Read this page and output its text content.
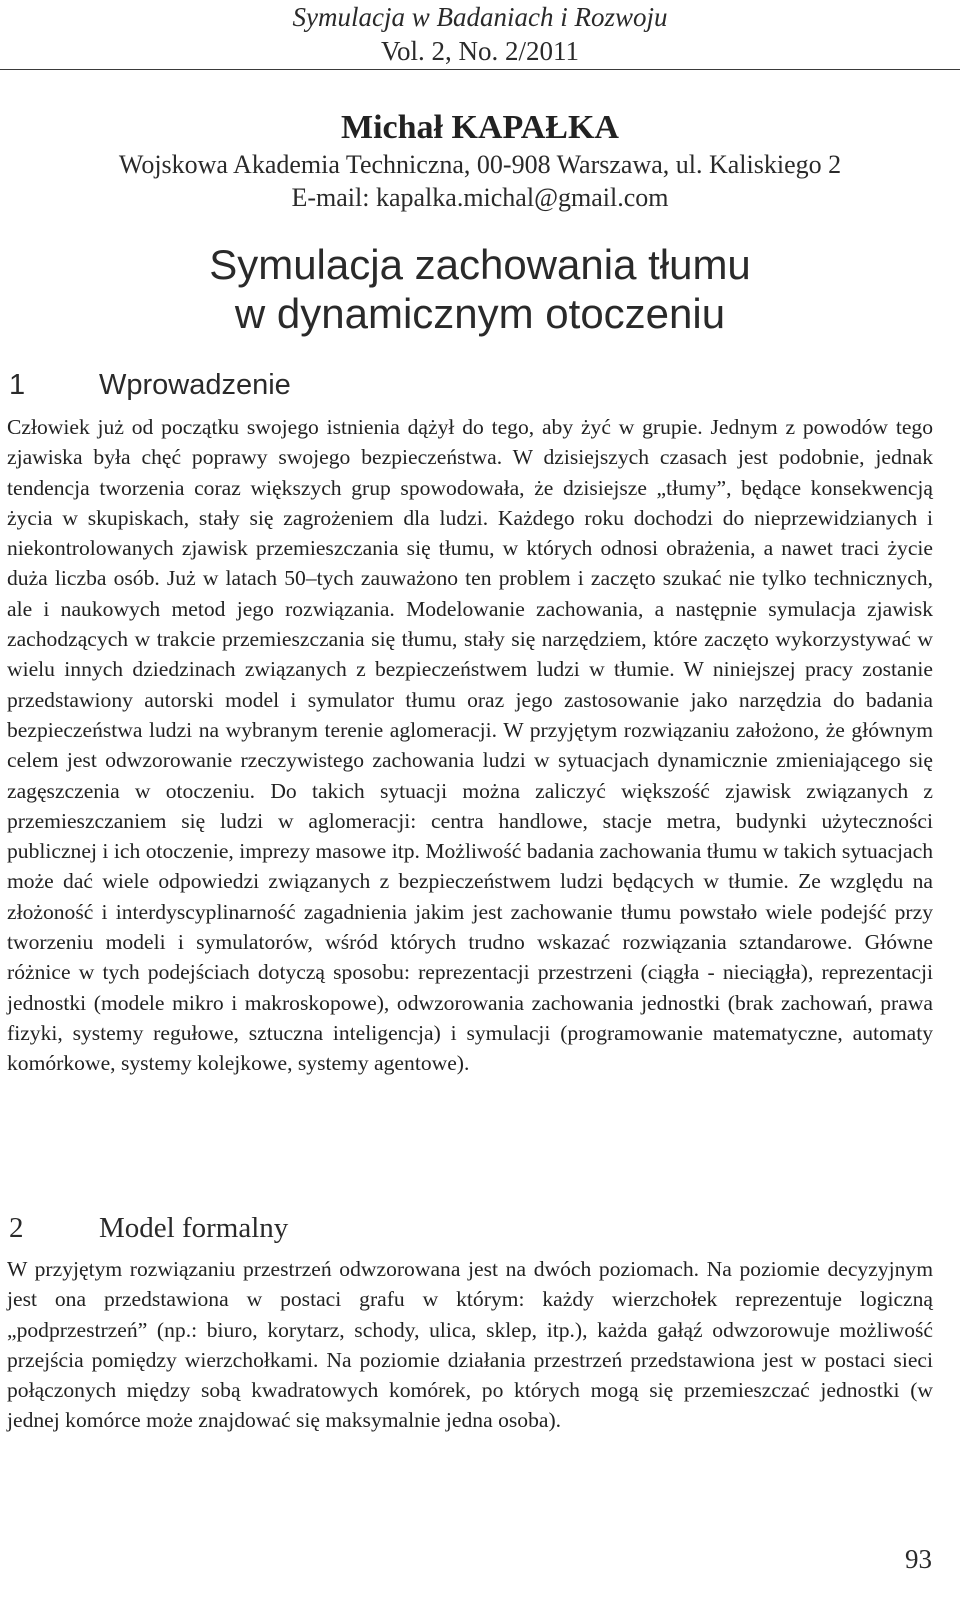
Symulacja w Badaniach i Rozwoju
Vol. 2, No. 2/2011
Michał KAPAŁKA
Wojskowa Akademia Techniczna, 00-908 Warszawa, ul. Kaliskiego 2
E-mail: kapalka.michal@gmail.com
Symulacja zachowania tłumu
w dynamicznym otoczeniu
1	Wprowadzenie

Człowiek już od początku swojego istnienia dążył do tego, aby żyć w grupie. Jednym z powodów tego zjawiska była chęć poprawy swojego bezpieczeństwa. W dzisiejszych czasach jest podobnie, jednak tendencja tworzenia coraz większych grup spowodowała, że dzisiejsze „tłumy”, będące konsekwencją życia w skupiskach, stały się zagrożeniem dla ludzi. Każdego roku dochodzi do nieprzewidzianych i niekontrolowanych zjawisk przemieszczania się tłumu, w których odnosi obrażenia, a nawet traci życie duża liczba osób. Już w latach 50–tych zauważono ten problem i zaczęto szukać nie tylko technicznych, ale i naukowych metod jego rozwiązania. Modelowanie zachowania, a następnie symulacja zjawisk zachodzących w trakcie przemieszczania się tłumu, stały się narzędziem, które zaczęto wykorzystywać w wielu innych dziedzinach związanych z bezpieczeństwem ludzi w tłumie. W niniejszej pracy zostanie przedstawiony autorski model i symulator tłumu oraz jego zastosowanie jako narzędzia do badania bezpieczeństwa ludzi na wybranym terenie aglomeracji. W przyjętym rozwiązaniu założono, że głównym celem jest odwzorowanie rzeczywistego zachowania ludzi w sytuacjach dynamicznie zmieniającego się zagęszczenia w otoczeniu. Do takich sytuacji można zaliczyć większość zjawisk związanych z przemieszczaniem się ludzi w aglomeracji: centra handlowe, stacje metra, budynki użyteczności publicznej i ich otoczenie, imprezy masowe itp. Możliwość badania zachowania tłumu w takich sytuacjach może dać wiele odpowiedzi związanych z bezpieczeństwem ludzi będących w tłumie. Ze względu na złożoność i interdyscyplinarność zagadnienia jakim jest zachowanie tłumu powstało wiele podejść przy tworzeniu modeli i symulatorów, wśród których trudno wskazać rozwiązania sztandarowe. Główne różnice w tych podejściach dotyczą sposobu: reprezentacji przestrzeni (ciągła - nieciągła), reprezentacji jednostki (modele mikro i makroskopowe), odwzorowania zachowania jednostki (brak zachowań, prawa fizyki, systemy regułowe, sztuczna inteligencja) i symulacji (programowanie matematyczne, automaty komórkowe, systemy kolejkowe, systemy agentowe).

2	Model formalny

W przyjętym rozwiązaniu przestrzeń odwzorowana jest na dwóch poziomach. Na poziomie decyzyjnym jest ona przedstawiona w postaci grafu w którym: każdy wierzchołek reprezentuje logiczną „podprzestrzeń” (np.: biuro, korytarz, schody, ulica, sklep, itp.), każda gałąź odwzorowuje możliwość przejścia pomiędzy wierzchołkami. Na poziomie działania przestrzeń przedstawiona jest w postaci sieci połączonych między sobą kwadratowych komórek, po których mogą się przemieszczać jednostki (w jednej komórce może znajdować się maksymalnie jedna osoba).

93
